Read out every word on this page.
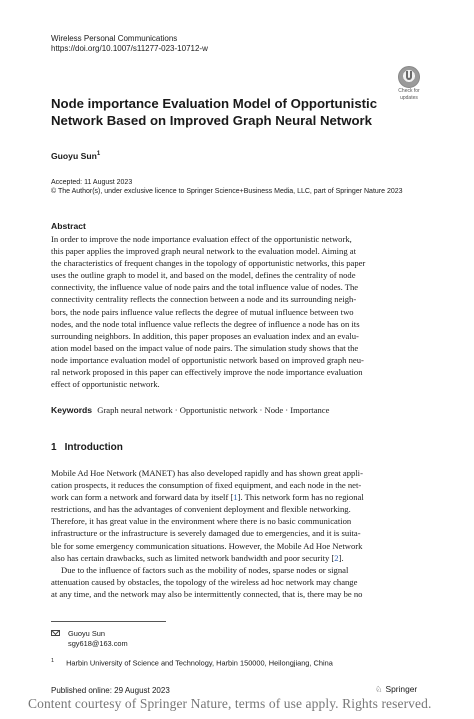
Wireless Personal Communications
https://doi.org/10.1007/s11277-023-10712-w
Check for
updates
Node importance Evaluation Model of Opportunistic
Network Based on Improved Graph Neural Network
Guoyu Sun$^1$
Accepted: 11 August 2023
© The Author(s), under exclusive licence to Springer Science+Business Media, LLC, part of Springer Nature 2023
Abstract
In order to improve the node importance evaluation effect of the opportunistic network,
this paper applies the improved graph neural network to the evaluation model. Aiming at
the characteristics of frequent changes in the topology of opportunistic networks, this paper
uses the outline graph to model it, and based on the model, defines the centrality of node
connectivity, the influence value of node pairs and the total influence value of nodes. The
connectivity centrality reflects the connection between a node and its surrounding neigh-
bors, the node pairs influence value reflects the degree of mutual influence between two
nodes, and the node total influence value reflects the degree of influence a node has on its
surrounding neighbors. In addition, this paper proposes an evaluation index and an evalu-
ation model based on the impact value of node pairs. The simulation study shows that the
node importance evaluation model of opportunistic network based on improved graph neu-
ral network proposed in this paper can effectively improve the node importance evaluation
effect of opportunistic network.
Keywords Graph neural network · Opportunistic network · Node · Importance
1 Introduction
Mobile Ad Hoe Network (MANET) has also developed rapidly and has shown great appli-
cation prospects, it reduces the consumption of fixed equipment, and each node in the net-
work can form a network and forward data by itself [1]. This network form has no regional
restrictions, and has the advantages of convenient deployment and flexible networking.
Therefore, it has great value in the environment where there is no basic communication
infrastructure or the infrastructure is severely damaged due to emergencies, and it is suita-
ble for some emergency communication situations. However, the Mobile Ad Hoe Network
also has certain drawbacks, such as limited network bandwidth and poor security [2].
Due to the influence of factors such as the mobility of nodes, sparse nodes or signal
attenuation caused by obstacles, the topology of the wireless ad hoc network may change
at any time, and the network may also be intermittently connected, that is, there may be no
Guoyu Sun
sgy618@163.com
$^1$ Harbin University of Science and Technology, Harbin 150000, Heilongjiang, China
Published online: 29 August 2023	♘ Springer
Content courtesy of Springer Nature, terms of use apply. Rights reserved.
